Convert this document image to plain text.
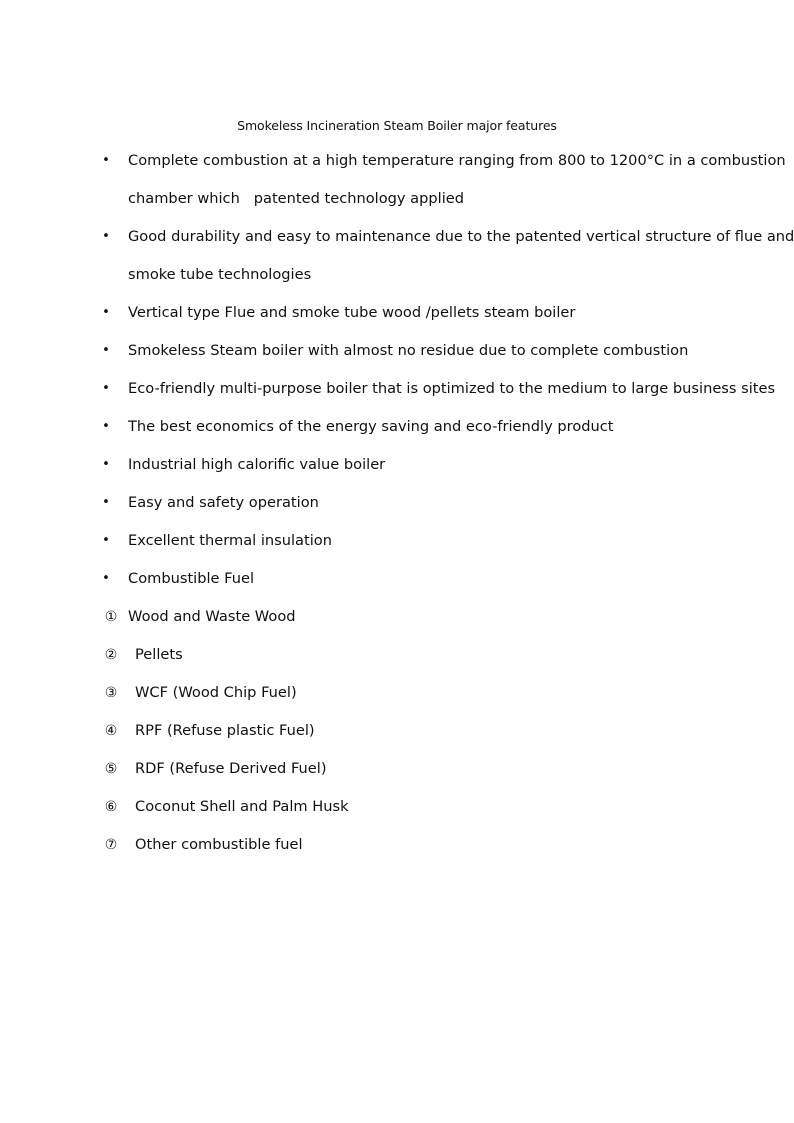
Smokeless Incineration Steam Boiler major features
• Complete combustion at a high temperature ranging from 800 to 1200°C in a combustion
chamber which   patented technology applied
• Good durability and easy to maintenance due to the patented vertical structure of flue and
smoke tube technologies
• Vertical type Flue and smoke tube wood /pellets steam boiler
• Smokeless Steam boiler with almost no residue due to complete combustion
• Eco-friendly multi-purpose boiler that is optimized to the medium to large business sites
• The best economics of the energy saving and eco-friendly product
• Industrial high calorific value boiler
• Easy and safety operation
• Excellent thermal insulation
• Combustible Fuel
① Wood and Waste Wood
② Pellets
③ WCF (Wood Chip Fuel)
④ RPF (Refuse plastic Fuel)
⑤ RDF (Refuse Derived Fuel)
⑥ Coconut Shell and Palm Husk
⑦ Other combustible fuel
